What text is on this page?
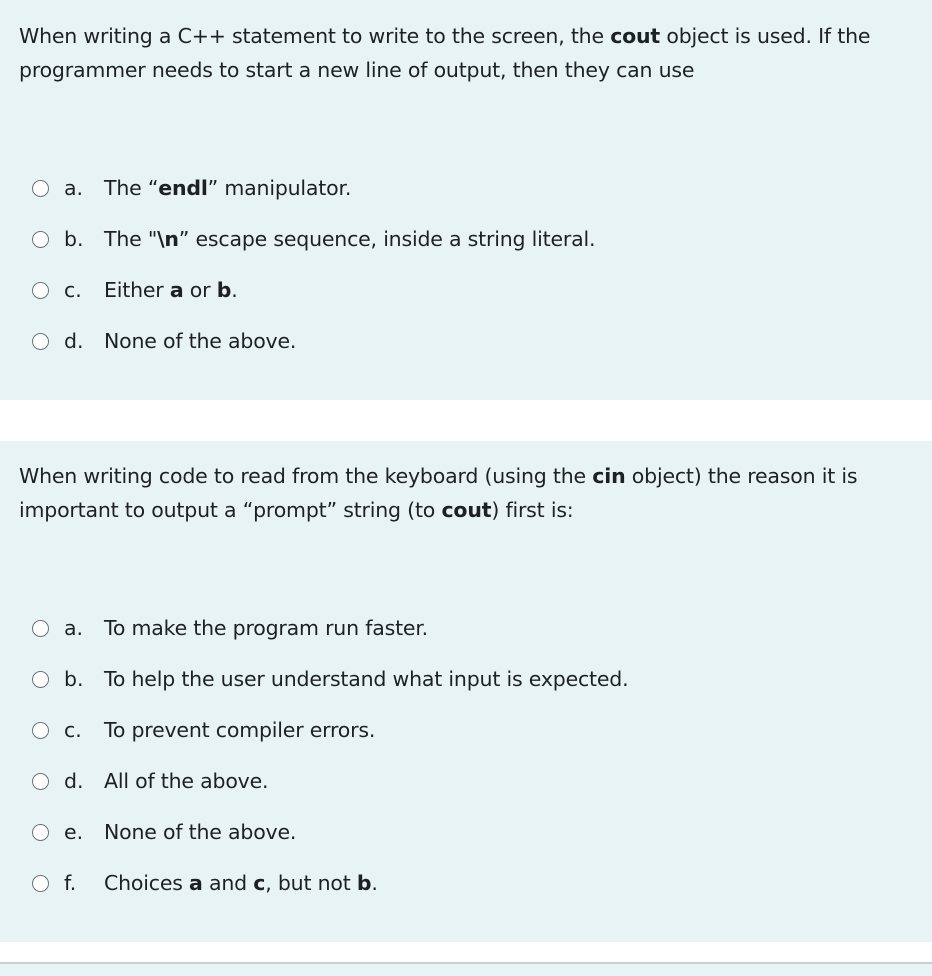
When writing a C++ statement to write to the screen, the cout object is used. If the programmer needs to start a new line of output, then they can use
a. The “endl” manipulator.
b. The "\n” escape sequence, inside a string literal.
c. Either a or b.
d. None of the above.
When writing code to read from the keyboard (using the cin object) the reason it is important to output a “prompt” string (to cout) first is:
a. To make the program run faster.
b. To help the user understand what input is expected.
c. To prevent compiler errors.
d. All of the above.
e. None of the above.
f. Choices a and c, but not b.
